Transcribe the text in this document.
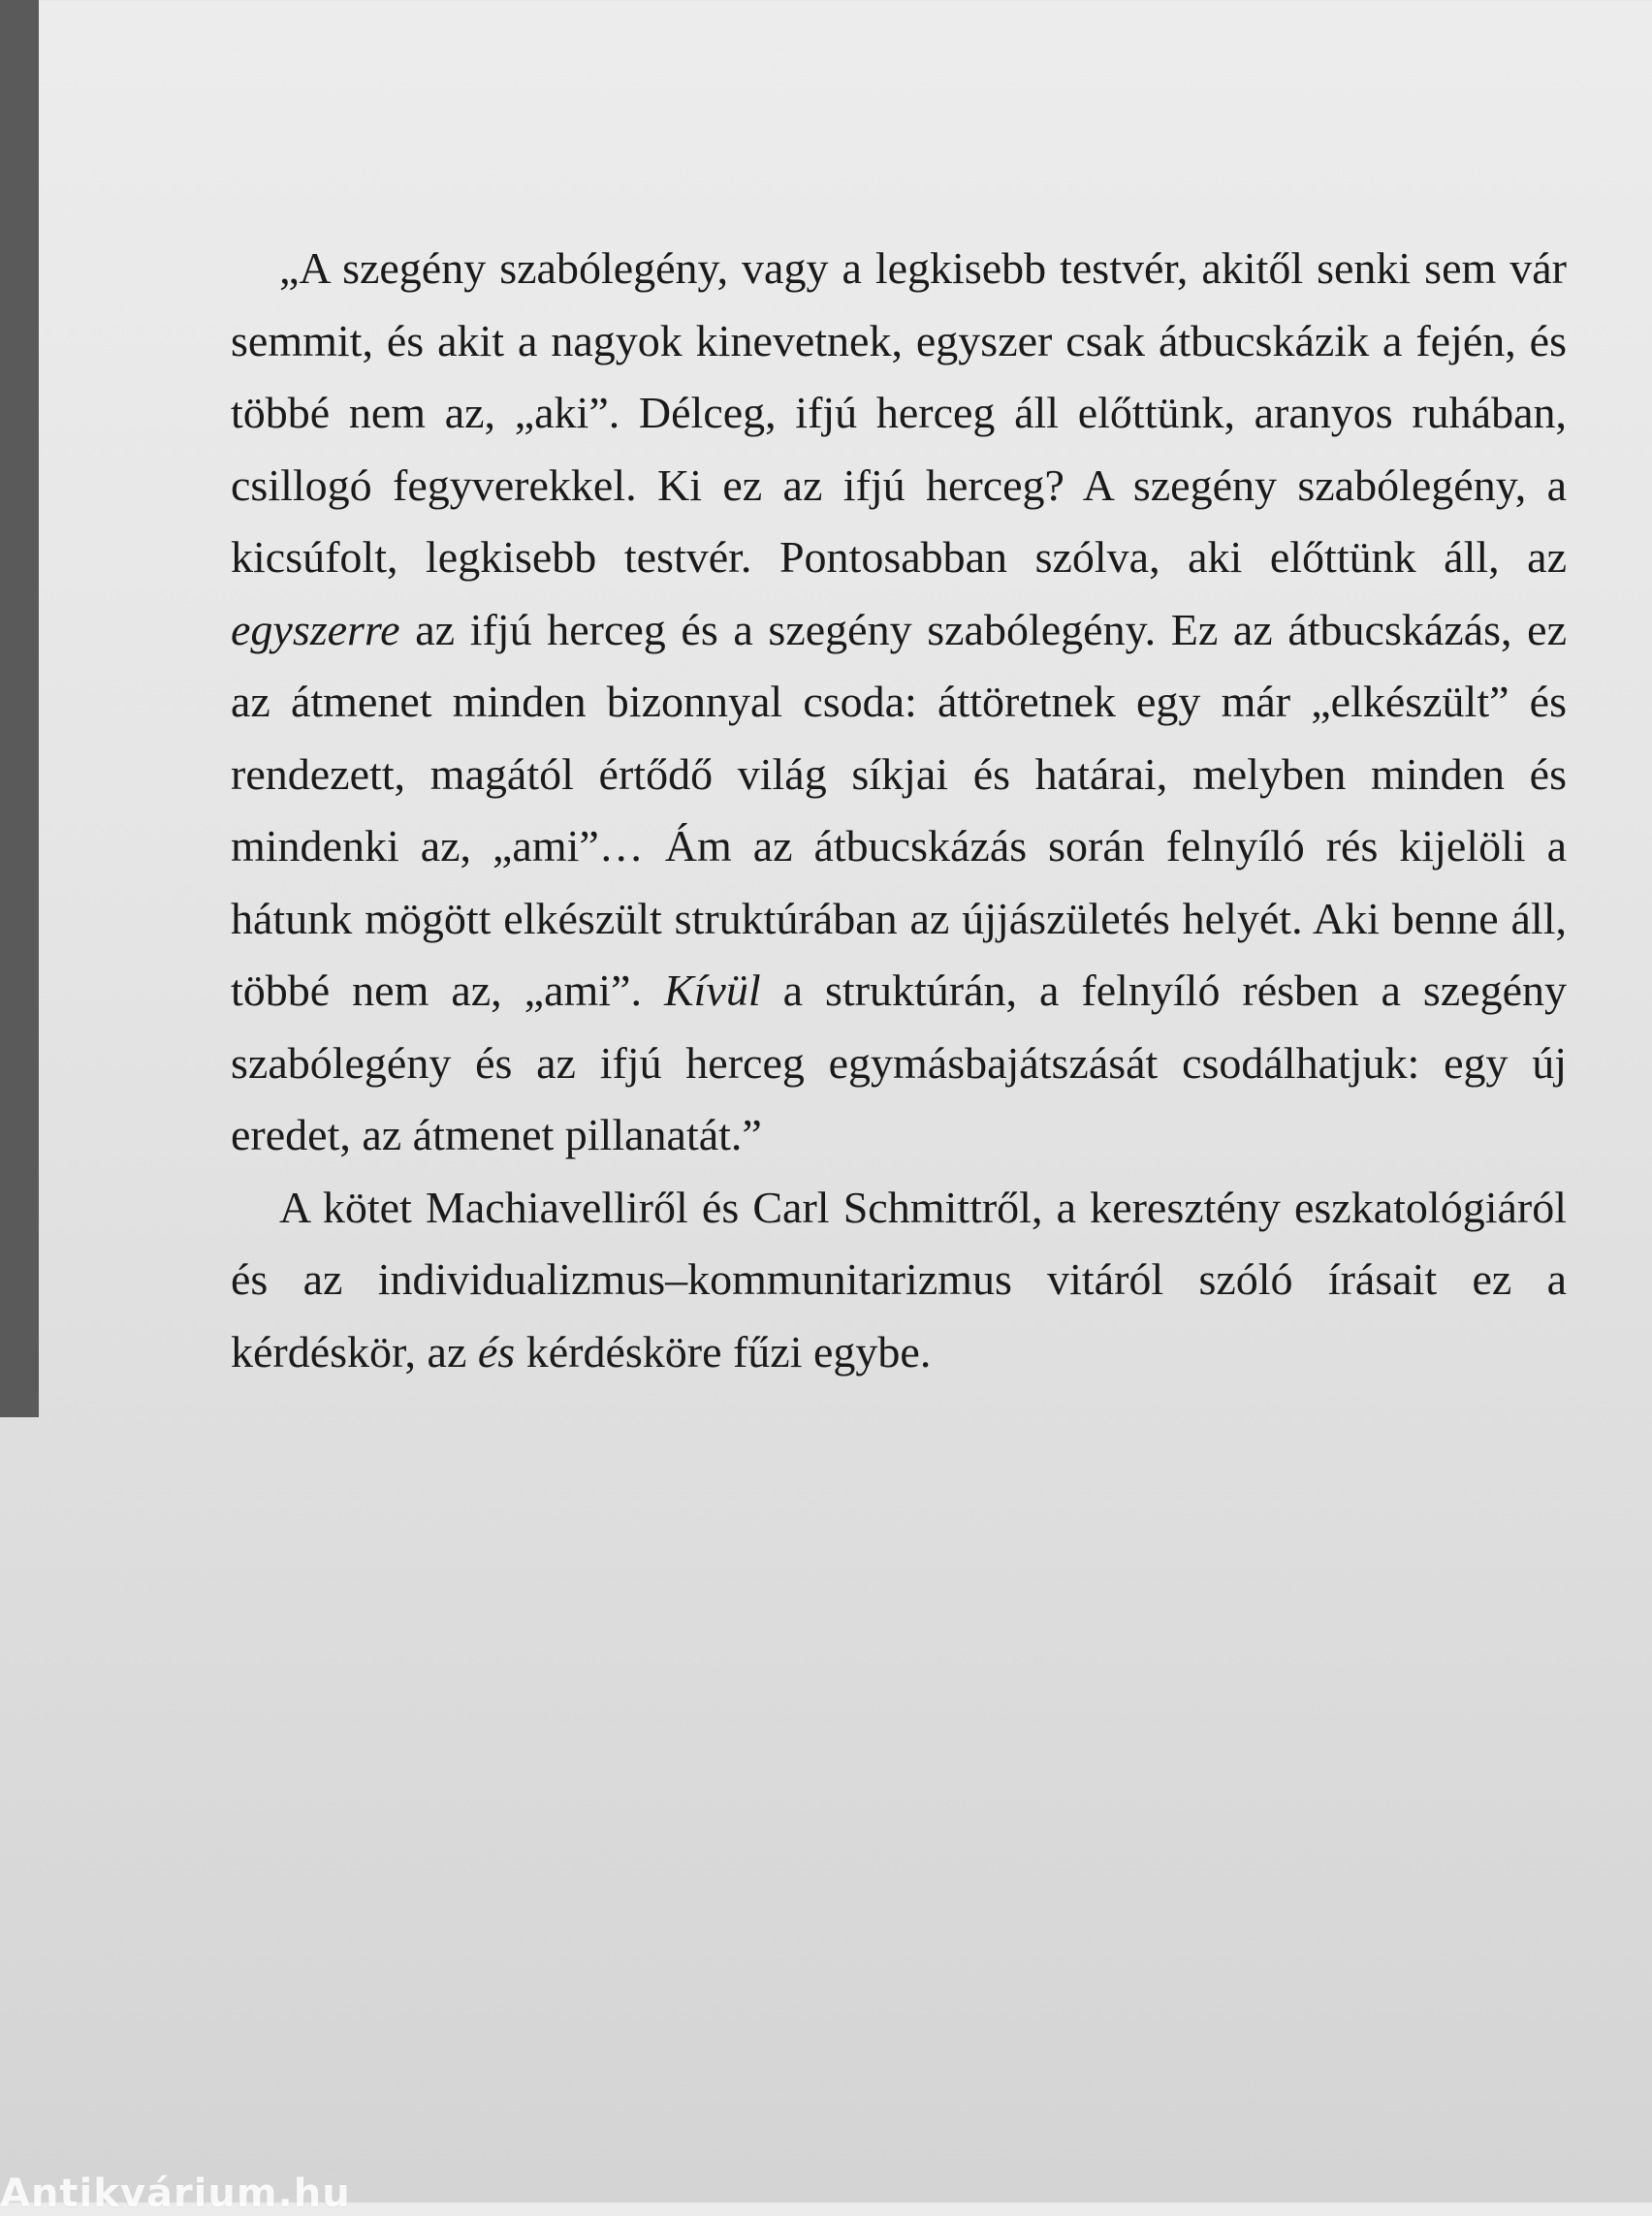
„A szegény szabólegény, vagy a legkisebb testvér, akitől senki sem vár semmit, és akit a nagyok kinevetnek, egyszer csak átbucskázik a fején, és többé nem az, „aki”. Délceg, ifjú herceg áll előttünk, aranyos ruhában, csillogó fegyverekkel. Ki ez az ifjú herceg? A szegény szabólegény, a kicsúfolt, legkisebb testvér. Pontosabban szólva, aki előttünk áll, az egyszerre az ifjú herceg és a szegény szabólegény. Ez az átbucskázás, ez az átmenet minden bizonnyal csoda: áttöretnek egy már „elkészült” és rendezett, magától értődő világ síkjai és határai, melyben minden és mindenki az, „ami”… Ám az átbucskázás során felnyíló rés kijelöli a hátunk mögött elkészült struktúrában az újjászületés helyét. Aki benne áll, többé nem az, „ami”. Kívül a struktúrán, a felnyíló résben a szegény szabólegény és az ifjú herceg egymásbajátszását csodálhatjuk: egy új eredet, az átmenet pillanatát.”

A kötet Machiavelliről és Carl Schmittről, a keresztény eszkatológiáról és az individualizmus–kommunitarizmus vitáról szóló írásait ez a kérdéskör, az és kérdésköre fűzi egybe.

Antikvárium.hu
